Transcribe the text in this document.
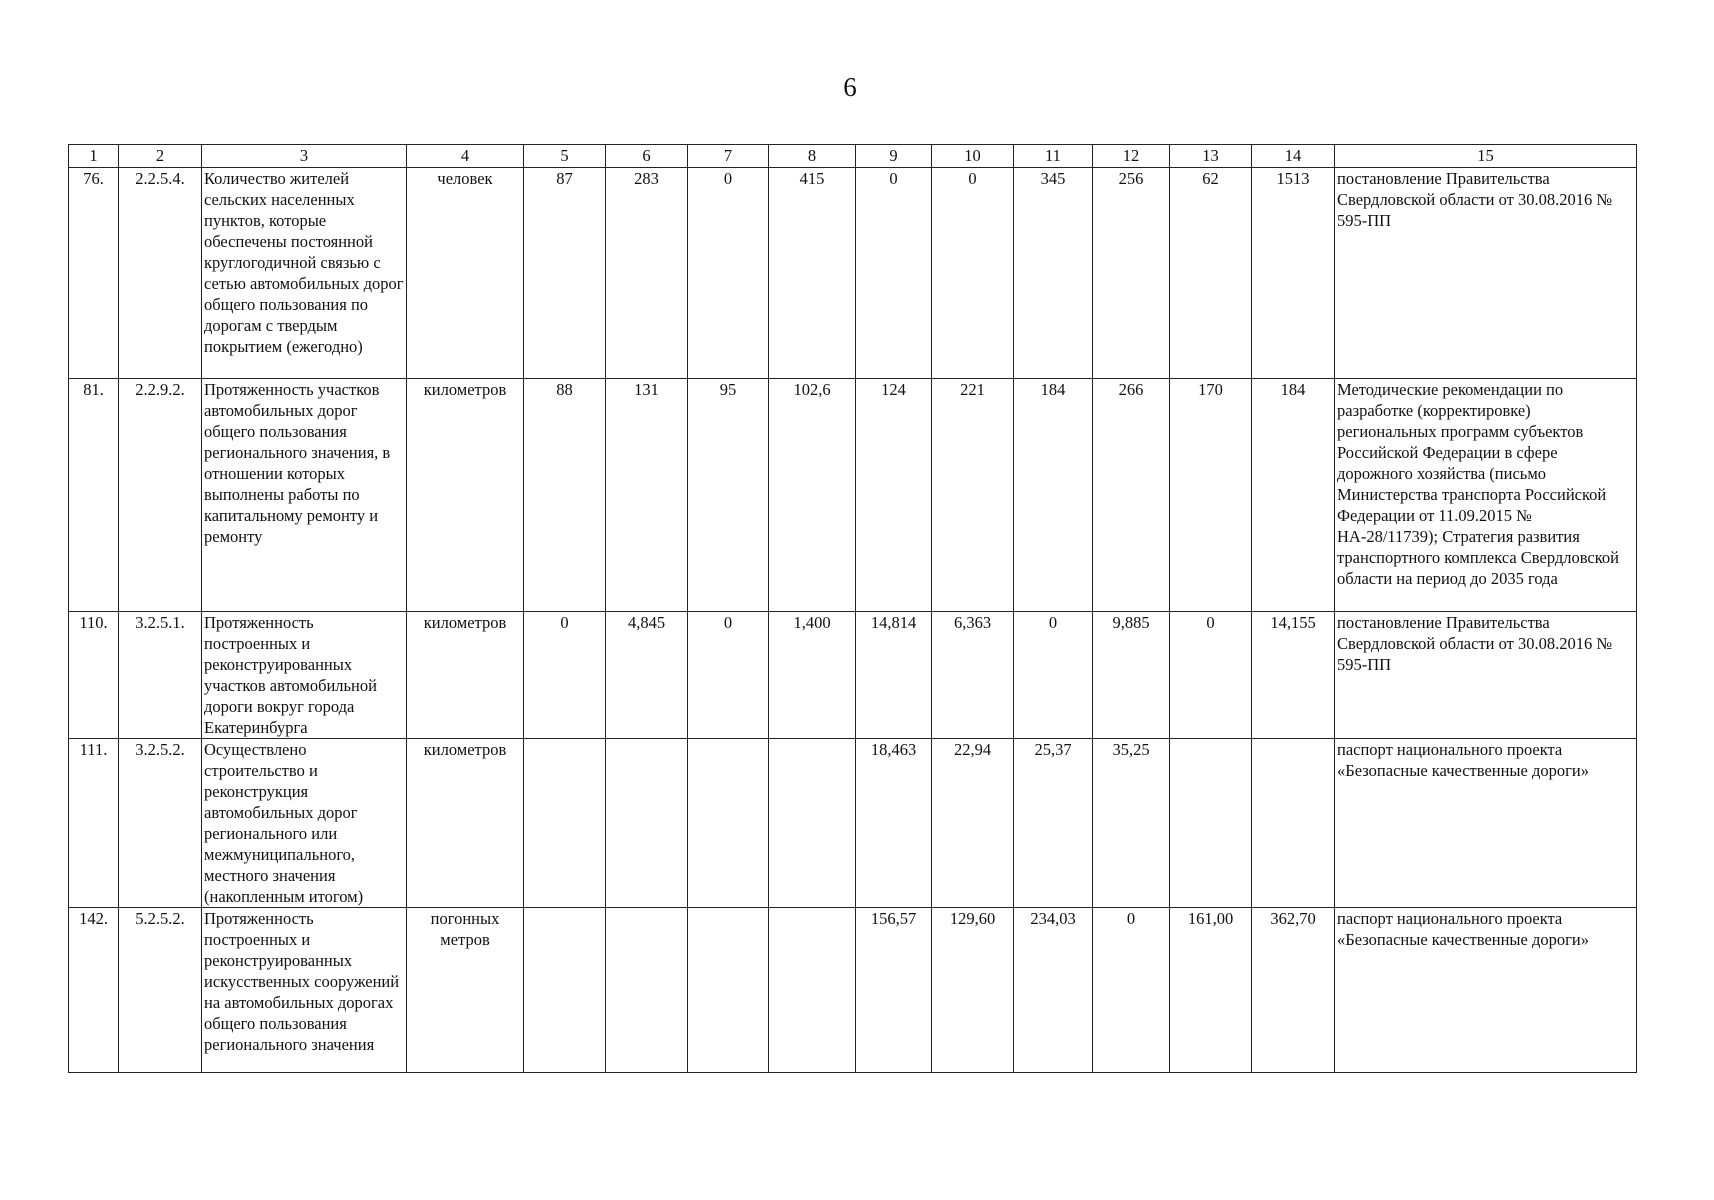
6
1	2	3	4	5	6	7	8	9	10	11	12	13	14	15
76.	2.2.5.4.	Количество жителей сельских населенных пунктов, которые обеспечены постоянной круглогодичной связью с сетью автомобильных дорог общего пользования по дорогам с твердым покрытием (ежегодно)	человек	87	283	0	415	0	0	345	256	62	1513	постановление Правительства Свердловской области от 30.08.2016 № 595-ПП
81.	2.2.9.2.	Протяженность участков автомобильных дорог общего пользования регионального значения, в отношении которых выполнены работы по капитальному ремонту и ремонту	километров	88	131	95	102,6	124	221	184	266	170	184	Методические рекомендации по разработке (корректировке) региональных программ субъектов Российской Федерации в сфере дорожного хозяйства (письмо Министерства транспорта Российской Федерации от 11.09.2015 № НА-28/11739); Стратегия развития транспортного комплекса Свердловской области на период до 2035 года
110.	3.2.5.1.	Протяженность построенных и реконструированных участков автомобильной дороги вокруг города Екатеринбурга	километров	0	4,845	0	1,400	14,814	6,363	0	9,885	0	14,155	постановление Правительства Свердловской области от 30.08.2016 № 595-ПП
111.	3.2.5.2.	Осуществлено строительство и реконструкция автомобильных дорог регионального или межмуниципального, местного значения (накопленным итогом)	километров					18,463	22,94	25,37	35,25			паспорт национального проекта «Безопасные качественные дороги»
142.	5.2.5.2.	Протяженность построенных и реконструированных искусственных сооружений на автомобильных дорогах общего пользования регионального значения	погонных метров					156,57	129,60	234,03	0	161,00	362,70	паспорт национального проекта «Безопасные качественные дороги»
